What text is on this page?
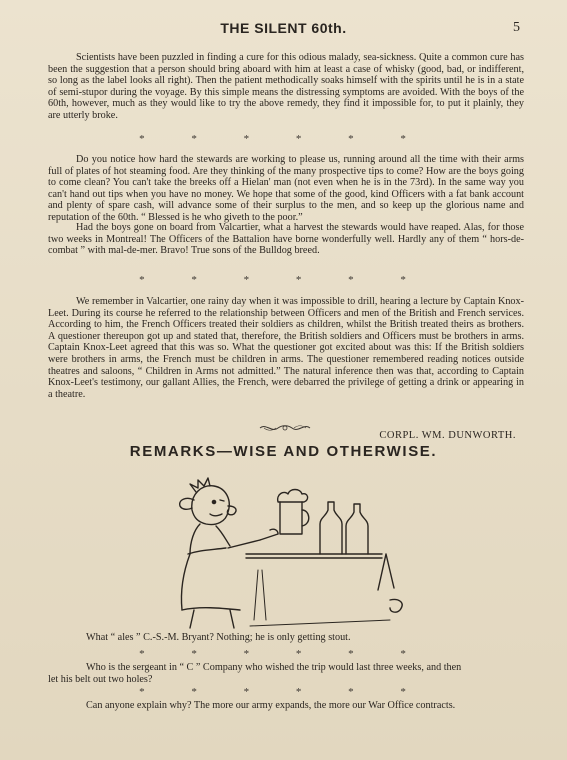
THE SILENT 60th.	5

Scientists have been puzzled in finding a cure for this odious malady, sea-sickness. Quite a common cure has been the suggestion that a person should bring aboard with him at least a case of whisky (good, bad, or indifferent, so long as the label looks all right). Then the patient methodically soaks himself with the spirits until he is in a state of semi-stupor during the voyage. By this simple means the distressing symptoms are avoided. With the boys of the 60th, however, much as they would like to try the above remedy, they find it impossible for, to put it plainly, they are utterly broke.

* * * * * *

Do you notice how hard the stewards are working to please us, running around all the time with their arms full of plates of hot steaming food. Are they thinking of the many prospective tips to come? How are the boys going to come clean? You can't take the breeks off a Hielan' man (not even when he is in the 73rd). In the same way you can't hand out tips when you have no money. We hope that some of the good, kind Officers with a fat bank account and plenty of spare cash, will advance some of their surplus to the men, and so keep up the glorious name and reputation of the 60th. “ Blessed is he who giveth to the poor.”

Had the boys gone on board from Valcartier, what a harvest the stewards would have reaped. Alas, for those two weeks in Montreal! The Officers of the Battalion have borne wonderfully well. Hardly any of them “ hors-de-combat ” with mal-de-mer. Bravo! True sons of the Bulldog breed.

* * * * * *

We remember in Valcartier, one rainy day when it was impossible to drill, hearing a lecture by Captain Knox-Leet. During its course he referred to the relationship between Officers and men of the British and French services. According to him, the French Officers treated their soldiers as children, whilst the British treated theirs as brothers. A questioner thereupon got up and stated that, therefore, the British soldiers and Officers must be brothers in arms. Captain Knox-Leet agreed that this was so. What the questioner got excited about was this: If the British soldiers were brothers in arms, the French must be children in arms. The questioner remembered reading notices outside theatres and saloons, “ Children in Arms not admitted.” The natural inference then was that, according to Captain Knox-Leet's testimony, our gallant Allies, the French, were debarred the privilege of getting a drink or appearing in a theatre.

CORPL. WM. DUNWORTH.
REMARKS—WISE AND OTHERWISE.
What “ ales ” C.-S.-M. Bryant? Nothing; he is only getting stout.
* * * * * *
Who is the sergeant in “ C ” Company who wished the trip would last three weeks, and then
let his belt out two holes?
* * * * * *
Can anyone explain why? The more our army expands, the more our War Office contracts.
